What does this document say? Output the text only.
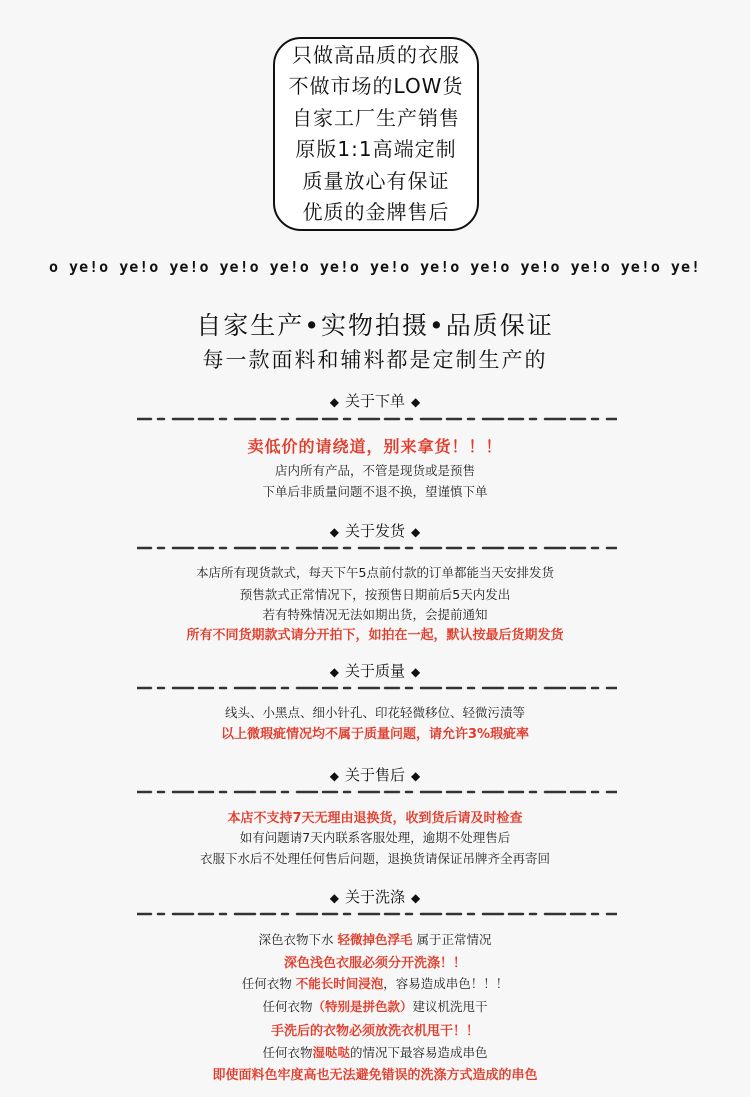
只做高品质的衣服
不做市场的LOW货
自家工厂生产销售
原版1:1高端定制
质量放心有保证
优质的金牌售后
o ye!o ye!o ye!o ye!o ye!o ye!o ye!o ye!o ye!o ye!o ye!o ye!o ye!
自家生产•实物拍摄•品质保证
每一款面料和辅料都是定制生产的
◆ 关于下单 ◆
卖低价的请绕道，别来拿货！！！
店内所有产品，不管是现货或是预售
下单后非质量问题不退不换，望谨慎下单
◆ 关于发货 ◆
本店所有现货款式，每天下午5点前付款的订单都能当天安排发货
预售款式正常情况下，按预售日期前后5天内发出
若有特殊情况无法如期出货，会提前通知
所有不同货期款式请分开拍下，如拍在一起，默认按最后货期发货
◆ 关于质量 ◆
线头、小黑点、细小针孔、印花轻微移位、轻微污渍等
以上微瑕疵情况均不属于质量问题，请允许3%瑕疵率
◆ 关于售后 ◆
本店不支持7天无理由退换货，收到货后请及时检查
如有问题请7天内联系客服处理，逾期不处理售后
衣服下水后不处理任何售后问题，退换货请保证吊牌齐全再寄回
◆ 关于洗涤 ◆
深色衣物下水 轻微掉色浮毛 属于正常情况
深色浅色衣服必须分开洗涤！！
任何衣物 不能长时间浸泡，容易造成串色！！！
任何衣物（特别是拼色款）建议机洗甩干
手洗后的衣物必须放洗衣机甩干！！
任何衣物湿哒哒的情况下最容易造成串色
即使面料色牢度高也无法避免错误的洗涤方式造成的串色
